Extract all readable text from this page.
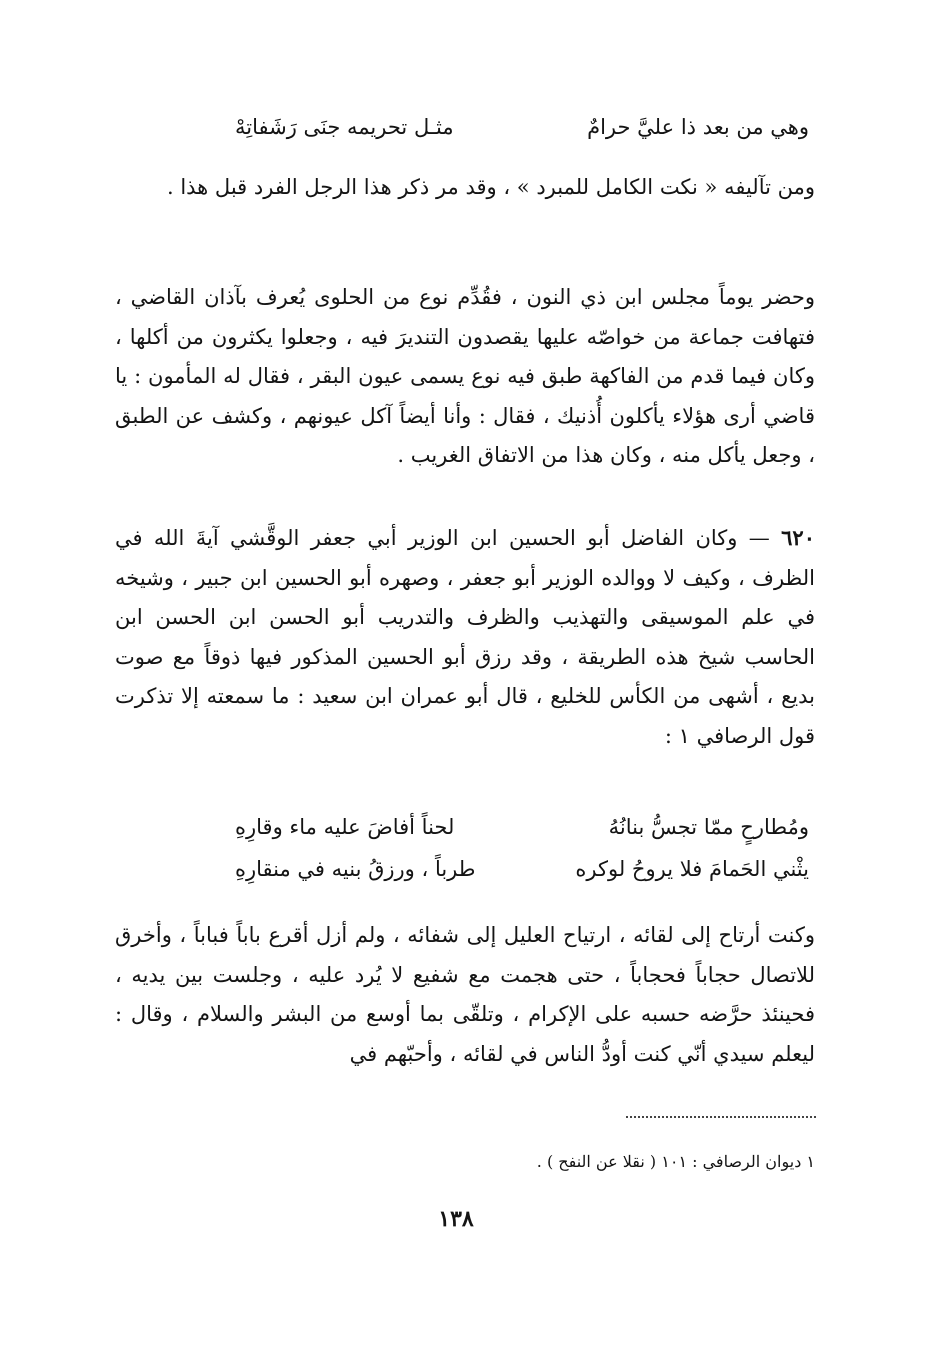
وهي من بعد ذا عليَّ حرامٌ
مثـل تحريمه جنَى رَشَفاتِهْ
ومن تآليفه « نكت الكامل للمبرد » ، وقد مر ذكر هذا الرجل الفرد قبل هذا .
وحضر يوماً مجلس ابن ذي النون ، فقُدِّم نوع من الحلوى يُعرف بآذان القاضي ، فتهافت جماعة من خواصّه عليها يقصدون التنديرَ فيه ، وجعلوا يكثرون من أكلها ، وكان فيما قدم من الفاكهة طبق فيه نوع يسمى عيون البقر ، فقال له المأمون : يا قاضي أرى هؤلاء يأكلون أُذنيك ، فقال : وأنا أيضاً آكل عيونهم ، وكشف عن الطبق ، وجعل يأكل منه ، وكان هذا من الاتفاق الغريب .
٦٢٠ — وكان الفاضل أبو الحسين ابن الوزير أبي جعفر الوقَّشي آيةَ الله في الظرف ، وكيف لا ووالده الوزير أبو جعفر ، وصهره أبو الحسين ابن جبير ، وشيخه في علم الموسيقى والتهذيب والظرف والتدريب أبو الحسن ابن الحسن ابن الحاسب شيخ هذه الطريقة ، وقد رزق أبو الحسين المذكور فيها ذوقاً مع صوت بديع ، أشهى من الكأس للخليع ، قال أبو عمران ابن سعيد : ما سمعته إلا تذكرت قول الرصافي ١ :
ومُطارحٍ ممّا تجسُّ بنانُهُ
لحناً أفاضَ عليه ماء وقارِهِ
يثْني الحَمامَ فلا يروحُ لوكره
طرباً ، ورزقُ بنيه في منقارِهِ
وكنت أرتاح إلى لقائه ، ارتياح العليل إلى شفائه ، ولم أزل أقرع باباً فباباً ، وأخرق للاتصال حجاباً فحجاباً ، حتى هجمت مع شفيع لا يُرد عليه ، وجلست بين يديه ، فحينئذ حرَّضه حسبه على الإكرام ، وتلقّى بما أوسع من البشر والسلام ، وقال : ليعلم سيدي أنّي كنت أودُّ الناس في لقائه ، وأحبّهم في
١ ديوان الرصافي : ١٠١ ( نقلا عن النفح ) .
١٣٨
